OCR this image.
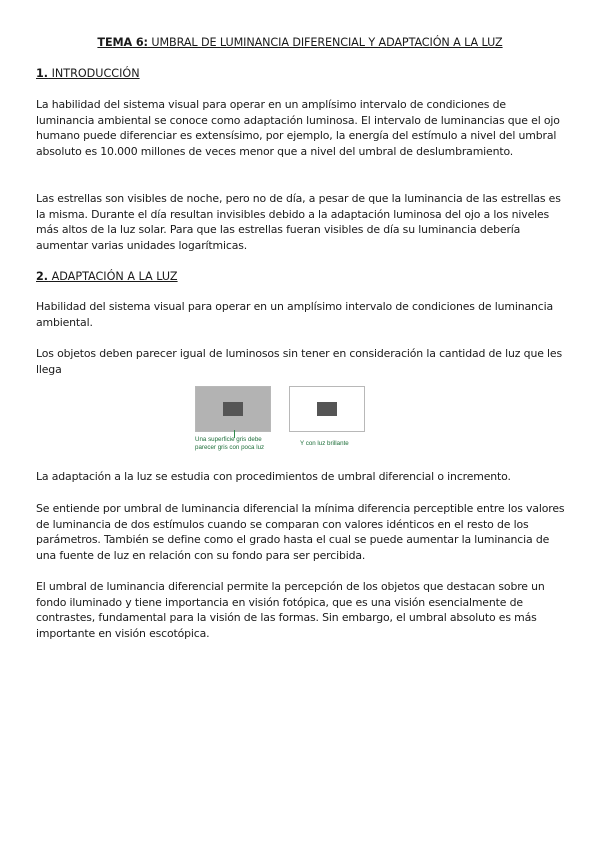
TEMA 6: UMBRAL DE LUMINANCIA DIFERENCIAL Y ADAPTACIÓN A LA LUZ
1. INTRODUCCIÓN

La habilidad del sistema visual para operar en un amplísimo intervalo de condiciones de luminancia ambiental se conoce como adaptación luminosa. El intervalo de luminancias que el ojo humano puede diferenciar es extensísimo, por ejemplo, la energía del estímulo a nivel del umbral absoluto es 10.000 millones de veces menor que a nivel del umbral de deslumbramiento.

Las estrellas son visibles de noche, pero no de día, a pesar de que la luminancia de las estrellas es la misma. Durante el día resultan invisibles debido a la adaptación luminosa del ojo a los niveles más altos de la luz solar. Para que las estrellas fueran visibles de día su luminancia debería aumentar varias unidades logarítmicas.

2. ADAPTACIÓN A LA LUZ

Habilidad del sistema visual para operar en un amplísimo intervalo de condiciones de luminancia ambiental.

Los objetos deben parecer igual de luminosos sin tener en consideración la cantidad de luz que les llega

Una superficie gris debe
parecer gris con poca luz
Y con luz brillante

La adaptación a la luz se estudia con procedimientos de umbral diferencial o incremento.

Se entiende por umbral de luminancia diferencial la mínima diferencia perceptible entre los valores de luminancia de dos estímulos cuando se comparan con valores idénticos en el resto de los parámetros. También se define como el grado hasta el cual se puede aumentar la luminancia de una fuente de luz en relación con su fondo para ser percibida.

El umbral de luminancia diferencial permite la percepción de los objetos que destacan sobre un fondo iluminado y tiene importancia en visión fotópica, que es una visión esencialmente de contrastes, fundamental para la visión de las formas. Sin embargo, el umbral absoluto es más importante en visión escotópica.
